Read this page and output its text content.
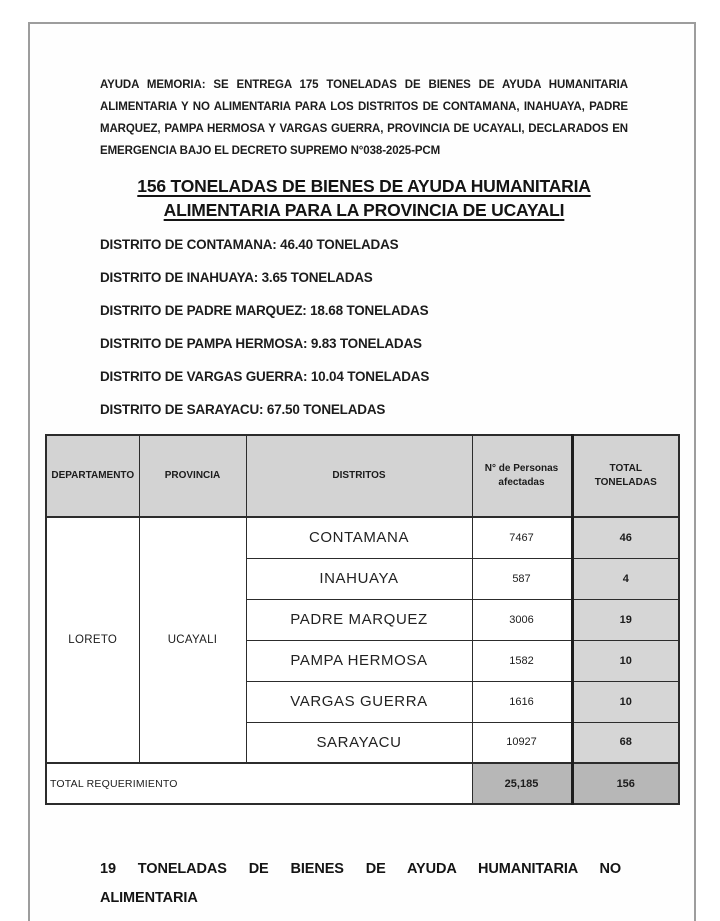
AYUDA MEMORIA: SE ENTREGA 175 TONELADAS DE BIENES DE AYUDA HUMANITARIA
ALIMENTARIA Y NO ALIMENTARIA PARA LOS DISTRITOS DE CONTAMANA, INAHUAYA, PADRE
MARQUEZ, PAMPA HERMOSA Y VARGAS GUERRA, PROVINCIA DE UCAYALI, DECLARADOS EN
EMERGENCIA BAJO EL DECRETO SUPREMO N°038-2025-PCM

156 TONELADAS DE BIENES DE AYUDA HUMANITARIA
ALIMENTARIA PARA LA PROVINCIA DE UCAYALI
DISTRITO DE CONTAMANA: 46.40 TONELADAS
DISTRITO DE INAHUAYA: 3.65 TONELADAS
DISTRITO DE PADRE MARQUEZ: 18.68 TONELADAS
DISTRITO DE PAMPA HERMOSA: 9.83 TONELADAS
DISTRITO DE VARGAS GUERRA: 10.04 TONELADAS
DISTRITO DE SARAYACU: 67.50 TONELADAS
DEPARTAMENTO	PROVINCIA	DISTRITOS	N° de Personas afectadas	TOTAL TONELADAS
LORETO	UCAYALI	CONTAMANA	7467	46
		INAHUAYA	587	4
		PADRE MARQUEZ	3006	19
		PAMPA HERMOSA	1582	10
		VARGAS GUERRA	1616	10
		SARAYACU	10927	68
TOTAL REQUERIMIENTO			25,185	156
19 TONELADAS DE BIENES DE AYUDA HUMANITARIA NO
ALIMENTARIA
